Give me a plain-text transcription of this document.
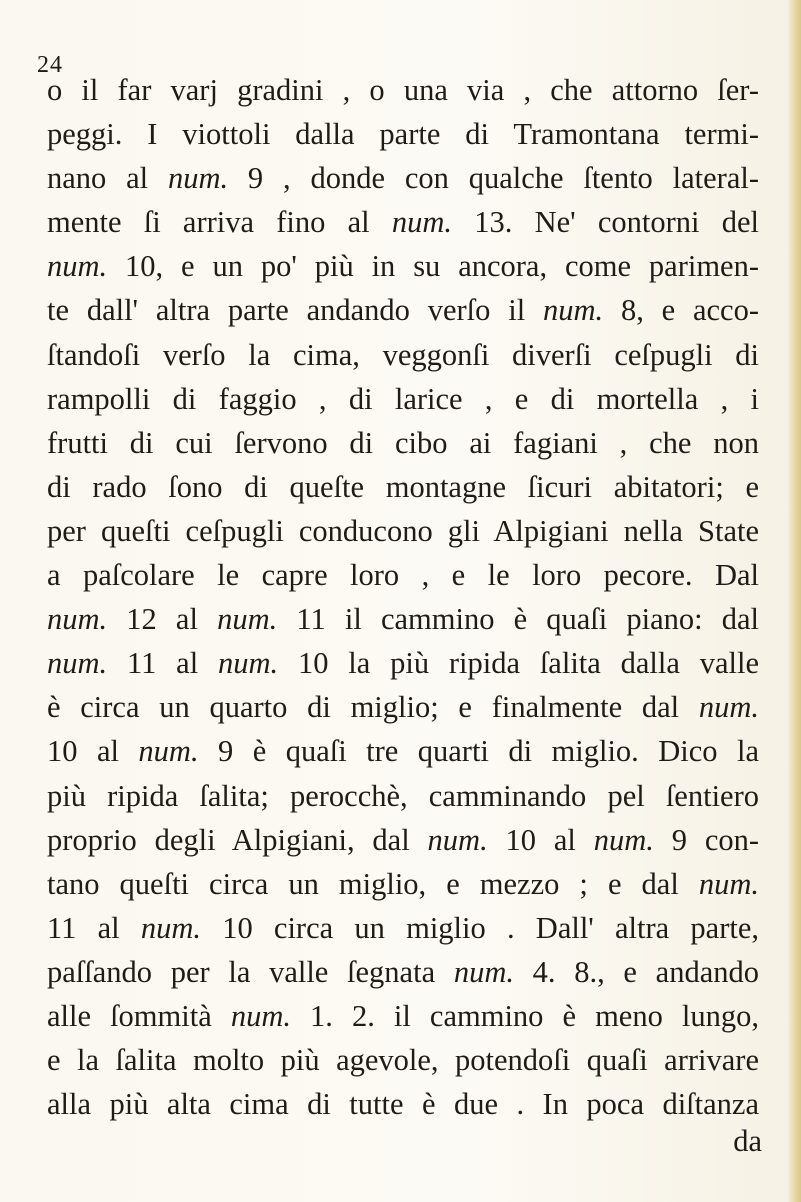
24
o il far varj gradini , o una via , che attorno ſer-
peggi. I viottoli dalla parte di Tramontana termi-
nano al num. 9 , donde con qualche ſtento lateral-
mente ſi arriva fino al num. 13. Ne' contorni del
num. 10, e un po' più in su ancora, come parimen-
te dall' altra parte andando verſo il num. 8, e acco-
ſtandoſi verſo la cima, veggonſi diverſi ceſpugli di
rampolli di faggio , di larice , e di mortella , i
frutti di cui ſervono di cibo ai fagiani , che non
di rado ſono di queſte montagne ſicuri abitatori; e
per queſti ceſpugli conducono gli Alpigiani nella State
a paſcolare le capre loro , e le loro pecore. Dal
num. 12 al num. 11 il cammino è quaſi piano: dal
num. 11 al num. 10 la più ripida ſalita dalla valle
è circa un quarto di miglio; e finalmente dal num.
10 al num. 9 è quaſi tre quarti di miglio. Dico la
più ripida ſalita; perocchè, camminando pel ſentiero
proprio degli Alpigiani, dal num. 10 al num. 9 con-
tano queſti circa un miglio, e mezzo ; e dal num.
11 al num. 10 circa un miglio . Dall' altra parte,
paſſando per la valle ſegnata num. 4. 8., e andando
alle ſommità num. 1. 2. il cammino è meno lungo,
e la ſalita molto più agevole, potendoſi quaſi arrivare
alla più alta cima di tutte è due . In poca diſtanza
da
